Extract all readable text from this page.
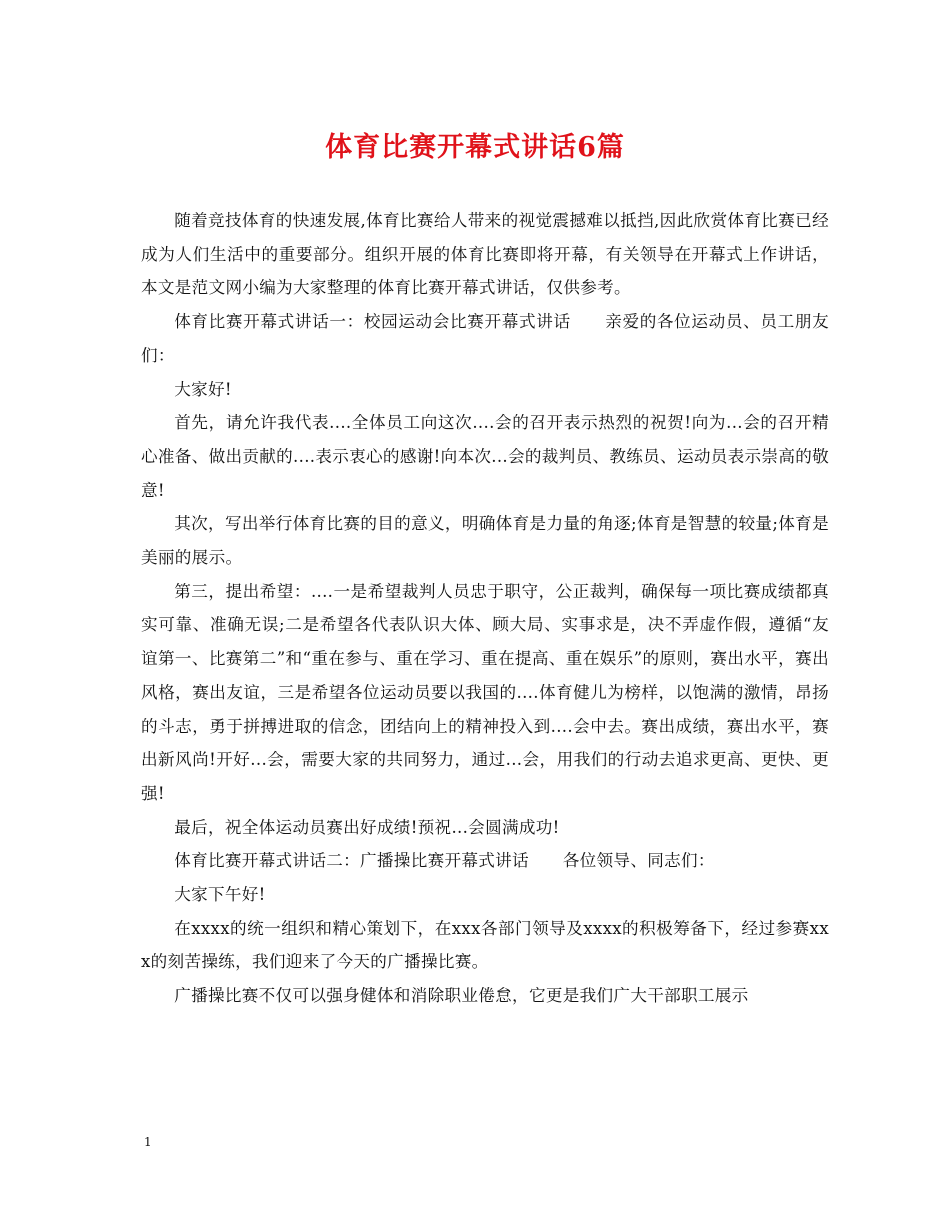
体育比赛开幕式讲话6篇

随着竞技体育的快速发展,体育比赛给人带来的视觉震撼难以抵挡,因此欣赏体育比赛已经成为人们生活中的重要部分。组织开展的体育比赛即将开幕，有关领导在开幕式上作讲话，本文是范文网小编为大家整理的体育比赛开幕式讲话，仅供参考。

体育比赛开幕式讲话一：校园运动会比赛开幕式讲话　　亲爱的各位运动员、员工朋友们：

大家好!

首先，请允许我代表....全体员工向这次....会的召开表示热烈的祝贺!向为...会的召开精心准备、做出贡献的....表示衷心的感谢!向本次...会的裁判员、教练员、运动员表示崇高的敬意!

其次，写出举行体育比赛的目的意义，明确体育是力量的角逐;体育是智慧的较量;体育是美丽的展示。

第三，提出希望：....一是希望裁判人员忠于职守，公正裁判，确保每一项比赛成绩都真实可靠、准确无误;二是希望各代表队识大体、顾大局、实事求是，决不弄虚作假，遵循“友谊第一、比赛第二”和“重在参与、重在学习、重在提高、重在娱乐”的原则，赛出水平，赛出风格，赛出友谊，三是希望各位运动员要以我国的....体育健儿为榜样，以饱满的激情，昂扬的斗志，勇于拼搏进取的信念，团结向上的精神投入到....会中去。赛出成绩，赛出水平，赛出新风尚!开好...会，需要大家的共同努力，通过...会，用我们的行动去追求更高、更快、更强!

最后，祝全体运动员赛出好成绩!预祝...会圆满成功!

体育比赛开幕式讲话二：广播操比赛开幕式讲话　　各位领导、同志们：

大家下午好!

在xxxx的统一组织和精心策划下，在xxx各部门领导及xxxx的积极筹备下，经过参赛xxx的刻苦操练，我们迎来了今天的广播操比赛。

广播操比赛不仅可以强身健体和消除职业倦怠，它更是我们广大干部职工展示

1
